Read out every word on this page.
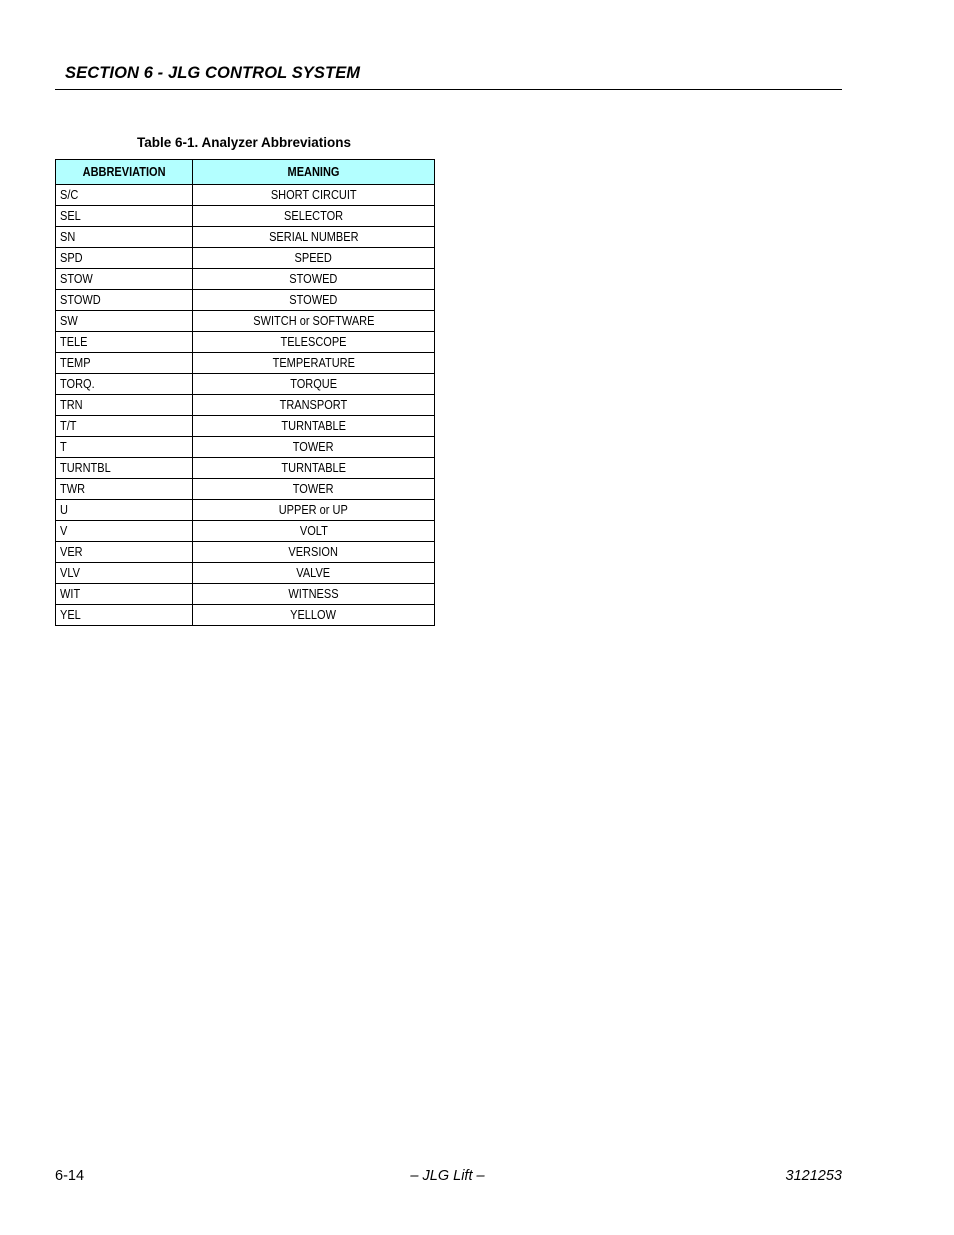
SECTION 6 - JLG CONTROL SYSTEM
Table 6-1. Analyzer Abbreviations
ABBREVIATION	MEANING
S/C	SHORT CIRCUIT
SEL	SELECTOR
SN	SERIAL NUMBER
SPD	SPEED
STOW	STOWED
STOWD	STOWED
SW	SWITCH or SOFTWARE
TELE	TELESCOPE
TEMP	TEMPERATURE
TORQ.	TORQUE
TRN	TRANSPORT
T/T	TURNTABLE
T	TOWER
TURNTBL	TURNTABLE
TWR	TOWER
U	UPPER or UP
V	VOLT
VER	VERSION
VLV	VALVE
WIT	WITNESS
YEL	YELLOW
6-14	– JLG Lift –	3121253
